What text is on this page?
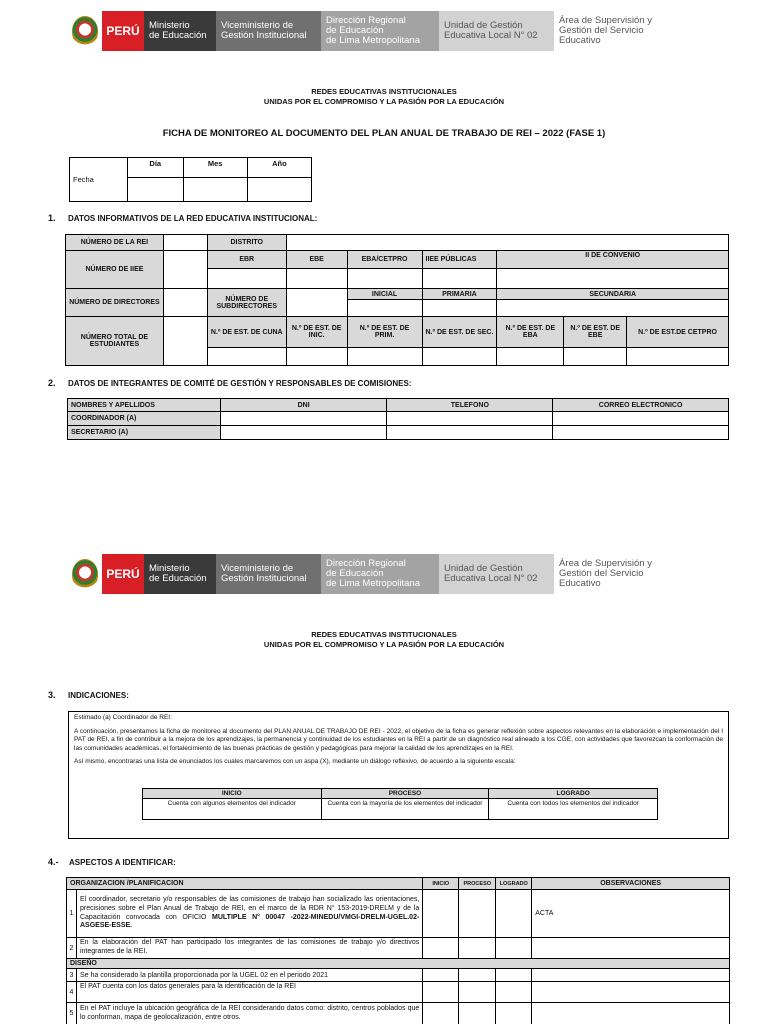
PERÚ Ministerio
de Educación
Viceministerio de
Gestión Institucional
Dirección Regional
de Educación
de Lima Metropolitana
Unidad de Gestión
Educativa Local N° 02
Área de Supervisión y
Gestión del Servicio
Educativo
REDES EDUCATIVAS INSTITUCIONALES
UNIDAS POR EL COMPROMISO Y LA PASIÓN POR LA EDUCACIÓN
FICHA DE MONITOREO AL DOCUMENTO DEL PLAN ANUAL DE TRABAJO DE REI – 2022 (FASE 1)
Fecha	Día	Mes	Año

1. DATOS INFORMATIVOS DE LA RED EDUCATIVA INSTITUCIONAL:
NÚMERO DE LA REI		DISTRITO						
NÚMERO DE IIEE		EBR	EBE	EBA/CETPRO	IIEE PÚBLICAS	II DE CONVENIO		

NÚMERO DE DIRECTORES		NÚMERO DE SUBDIRECTORES		INICIAL	PRIMARIA	SECUNDARIA		

NÚMERO TOTAL DE ESTUDIANTES		N.º DE EST. DE CUNA	N.º DE EST. DE INIC.	N.º DE EST. DE PRIM.	N.º DE EST. DE SEC.	N.º DE EST. DE EBA	N.º DE EST. DE EBE	N.º DE EST.DE CETPRO

2. DATOS DE INTEGRANTES DE COMITÉ DE GESTIÓN Y RESPONSABLES DE COMISIONES:
NOMBRES Y APELLIDOS	DNI	TELEFONO	CORREO ELECTRONICO
COORDINADOR (A)			
SECRETARIO (A)			
PERÚ Ministerio
de Educación
Viceministerio de
Gestión Institucional
Dirección Regional
de Educación
de Lima Metropolitana
Unidad de Gestión
Educativa Local N° 02
Área de Supervisión y
Gestión del Servicio
Educativo
REDES EDUCATIVAS INSTITUCIONALES
UNIDAS POR EL COMPROMISO Y LA PASIÓN POR LA EDUCACIÓN
3. INDICACIONES:

Estimado (a) Coordinador de REI:

A continuación, presentamos la ficha de monitoreo al documento del PLAN ANUAL DE TRABAJO DE REI - 2022, el objetivo de la ficha es generar reflexión sobre aspectos relevantes en la elaboración e implementación del I PAT de REI, a fin de contribuir a la mejora de los aprendizajes, la permanencia y continuidad de los estudiantes en la REI a partir de un diagnóstico real alineado a los CGE, con actividades que favorezcan la conformación de las comunidades académicas, el fortalecimiento de las buenas prácticas de gestión y pedagógicas para mejorar la calidad de los aprendizajes en la REI.

Así mismo, encontraras una lista de enunciados los cuales marcaremos con un aspa (X), mediante un diálogo reflexivo, de acuerdo a la siguiente escala:

INICIO	PROCESO	LOGRADO
Cuenta con algunos elementos del indicador	Cuenta con la mayoría de los elementos del indicador	Cuenta con todos los elementos del indicador
4.- ASPECTOS A IDENTIFICAR:
ORGANIZACION /PLANIFICACION		INICIO	PROCESO	LOGRADO	OBSERVACIONES
1	El coordinador, secretario y/o responsables de las comisiones de trabajo han socializado las orientaciones, precisiones sobre el Plan Anual de Trabajo de REI, en el marco de la RDR N° 153-2019-DRELM y de la Capacitación convocada con OFICIO MULTIPLE N° 00047 -2022-MINEDU/VMGI-DRELM-UGEL.02-ASGESE-ESSE.				ACTA
2	En la elaboración del PAT han participado los integrantes de las comisiones de trabajo y/o directivos integrantes de la REI.				
DISEÑO					
3	Se ha considerado la plantilla proporcionada por la UGEL 02 en el periodo 2021				
4	El PAT cuenta con los datos generales para la identificación de la REI				
5	En el PAT incluye la ubicación geográfica de la REI considerando datos como: distrito, centros poblados que lo conforman, mapa de geolocalización, entre otros.				
